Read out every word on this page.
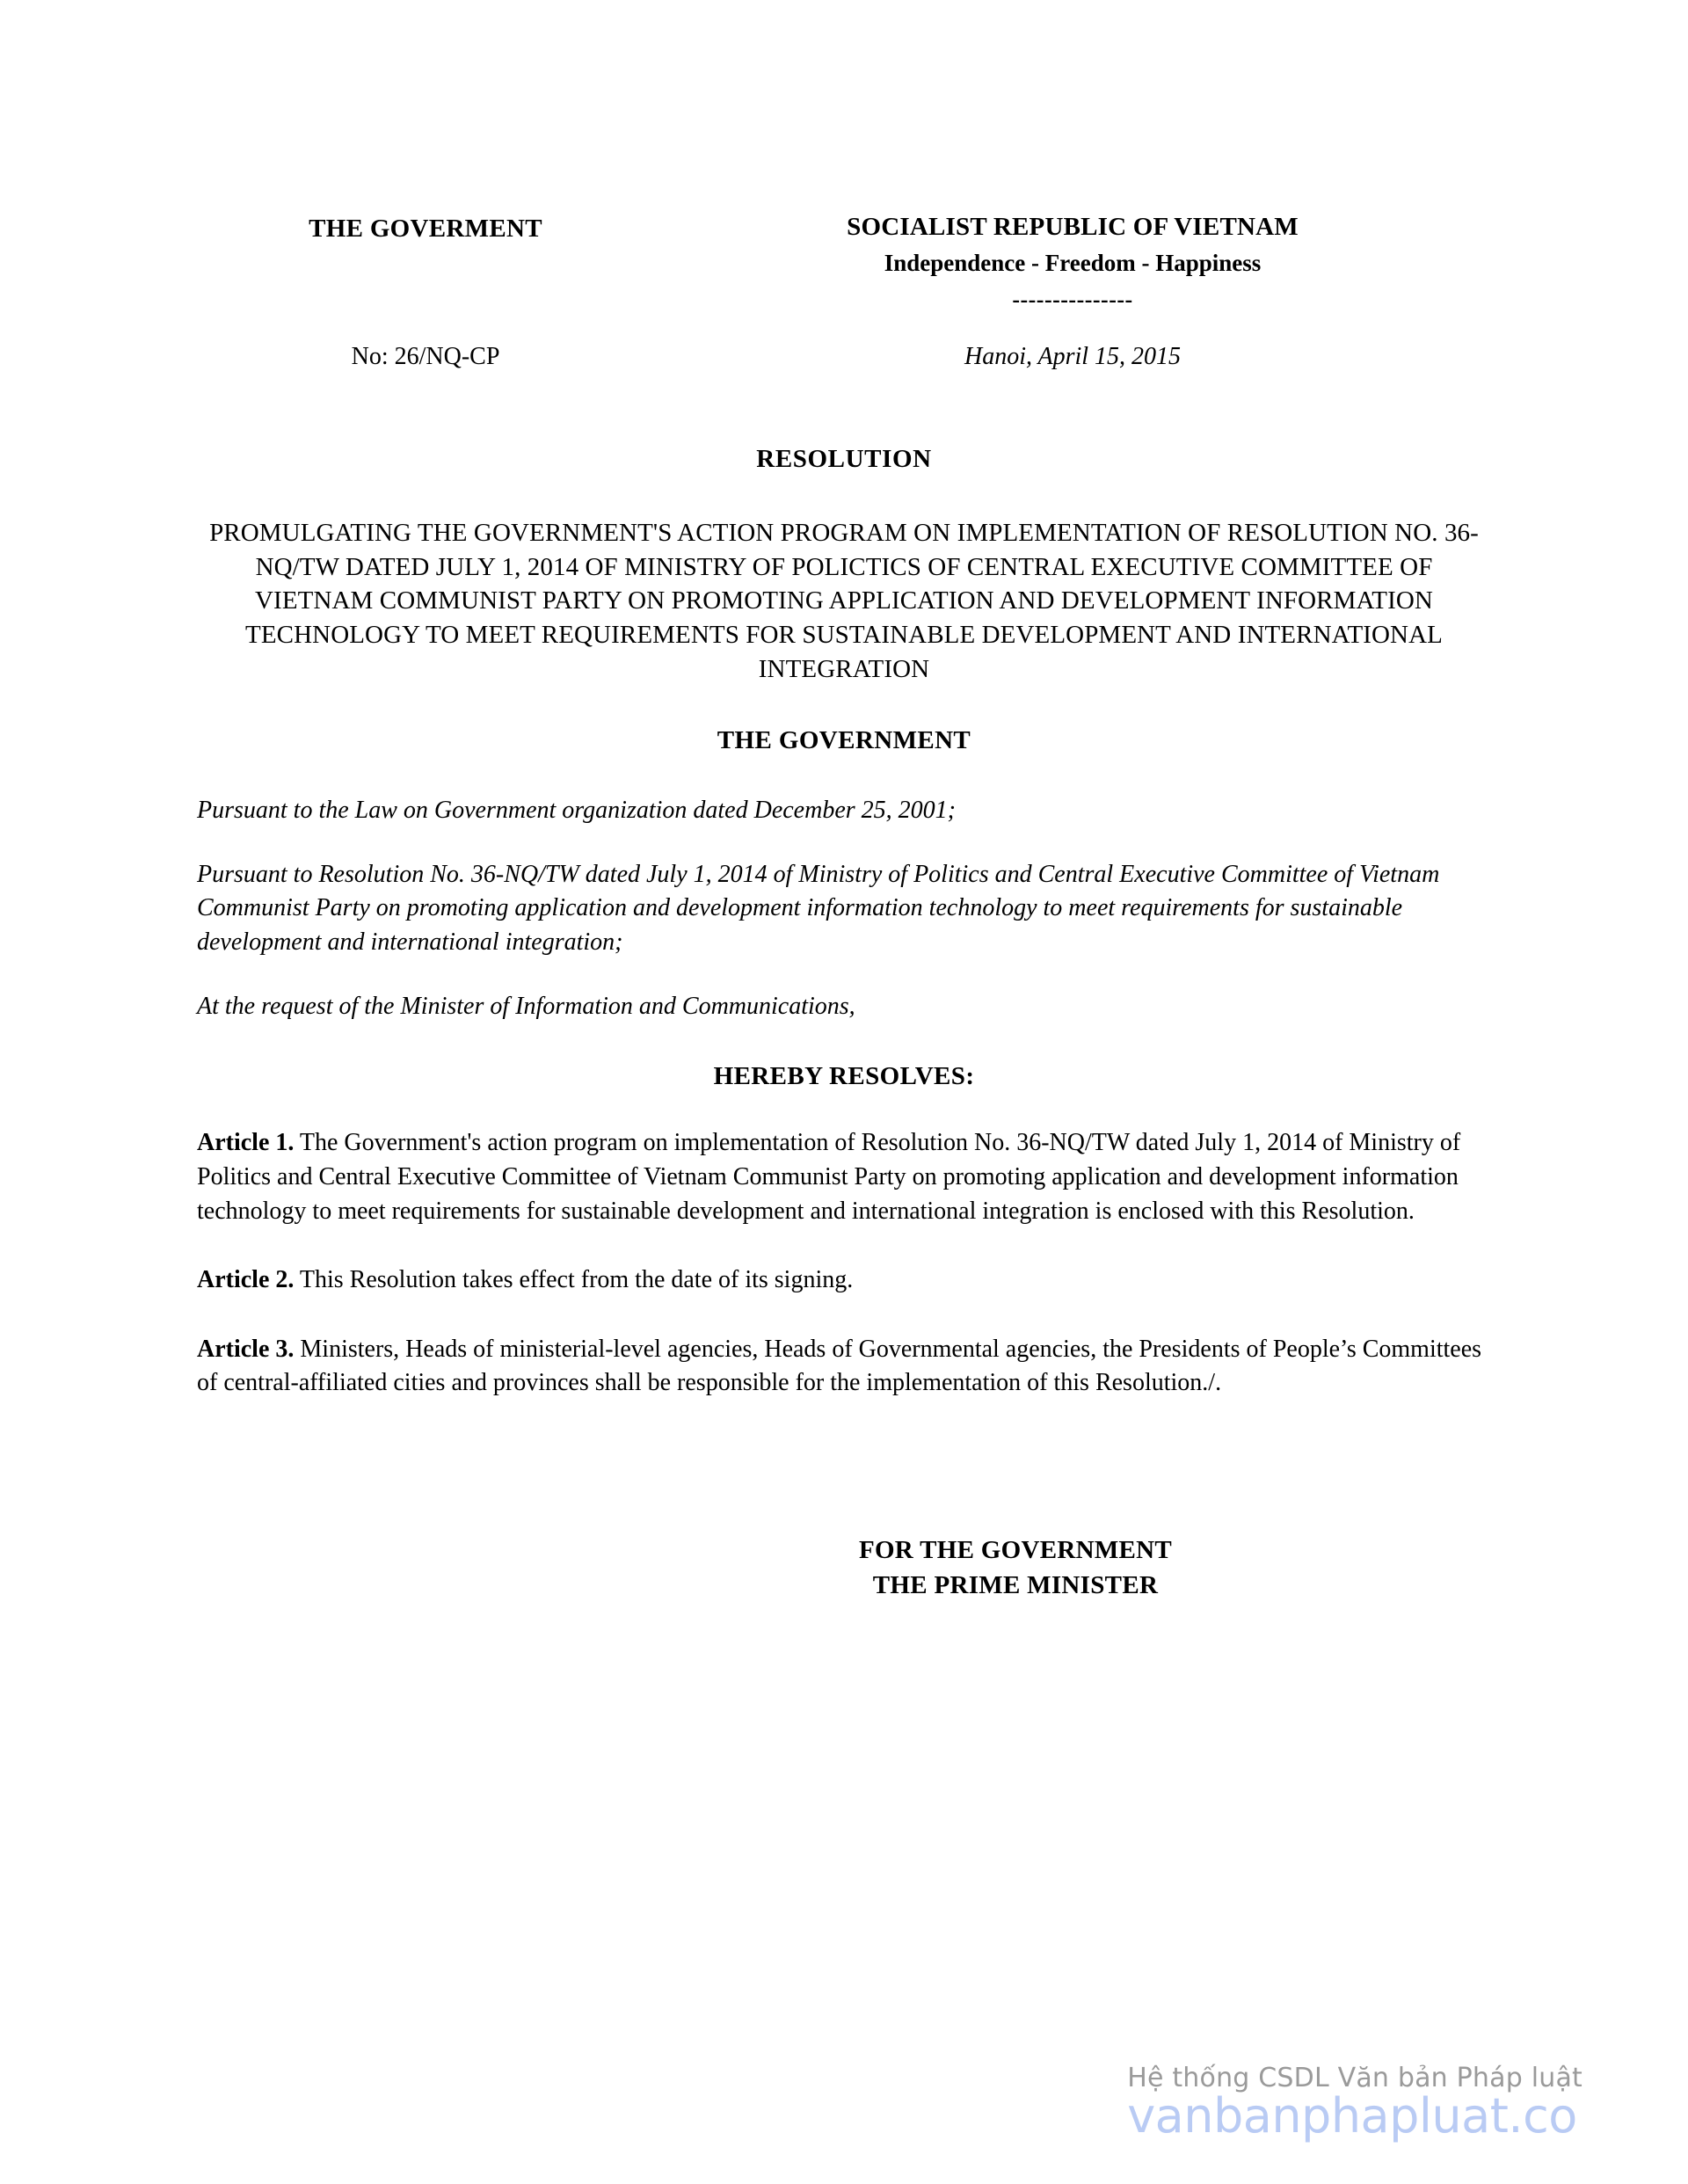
THE GOVERMENT	SOCIALIST REPUBLIC OF VIETNAM
Independence - Freedom - Happiness
---------------
No: 26/NQ-CP	Hanoi, April 15, 2015
RESOLUTION
PROMULGATING THE GOVERNMENT'S ACTION PROGRAM ON IMPLEMENTATION OF RESOLUTION NO. 36-NQ/TW DATED JULY 1, 2014 OF MINISTRY OF POLICTICS OF CENTRAL EXECUTIVE COMMITTEE OF VIETNAM COMMUNIST PARTY ON PROMOTING APPLICATION AND DEVELOPMENT INFORMATION TECHNOLOGY TO MEET REQUIREMENTS FOR SUSTAINABLE DEVELOPMENT AND INTERNATIONAL INTEGRATION
THE GOVERNMENT
Pursuant to the Law on Government organization dated December 25, 2001;
Pursuant to Resolution No. 36-NQ/TW dated July 1, 2014 of Ministry of Politics and Central Executive Committee of Vietnam Communist Party on promoting application and development information technology to meet requirements for sustainable development and international integration;
At the request of the Minister of Information and Communications,
HEREBY RESOLVES:
Article 1. The Government's action program on implementation of Resolution No. 36-NQ/TW dated July 1, 2014 of Ministry of Politics and Central Executive Committee of Vietnam Communist Party on promoting application and development information technology to meet requirements for sustainable development and international integration is enclosed with this Resolution.
Article 2. This Resolution takes effect from the date of its signing.
Article 3. Ministers, Heads of ministerial-level agencies, Heads of Governmental agencies, the Presidents of People’s Committees of central-affiliated cities and provinces shall be responsible for the implementation of this Resolution./.
FOR THE GOVERNMENT
THE PRIME MINISTER
Hệ thống CSDL Văn bản Pháp luật
vanbanphapluat.co
